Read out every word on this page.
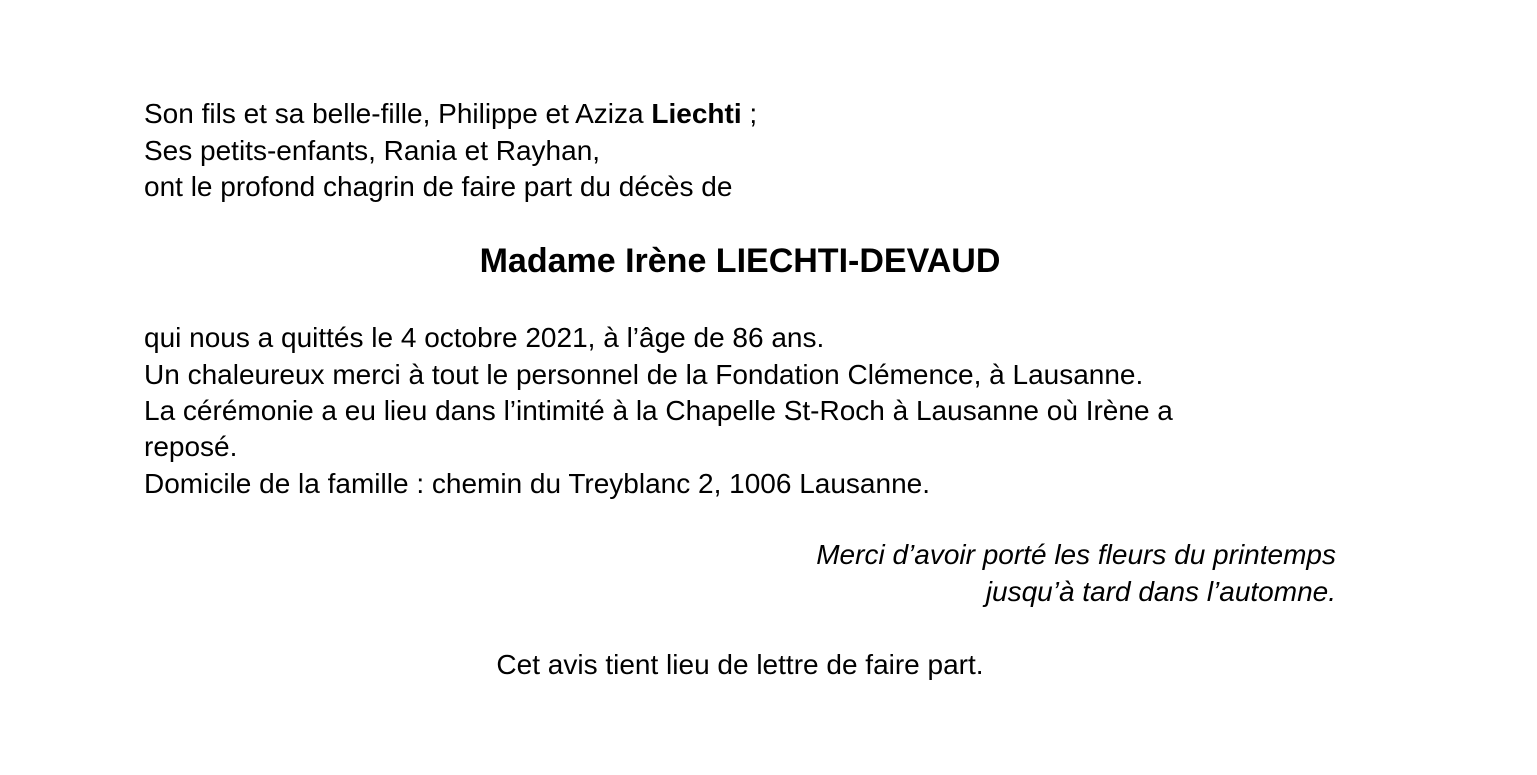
Son fils et sa belle-fille, Philippe et Aziza Liechti ;
Ses petits-enfants, Rania et Rayhan,
ont le profond chagrin de faire part du décès de
Madame Irène LIECHTI-DEVAUD
qui nous a quittés le 4 octobre 2021, à l’âge de 86 ans.
Un chaleureux merci à tout le personnel de la Fondation Clémence, à Lausanne.
La cérémonie a eu lieu dans l’intimité à la Chapelle St-Roch à Lausanne où Irène a
reposé.
Domicile de la famille : chemin du Treyblanc 2, 1006 Lausanne.
Merci d’avoir porté les fleurs du printemps
jusqu’à tard dans l’automne.
Cet avis tient lieu de lettre de faire part.
